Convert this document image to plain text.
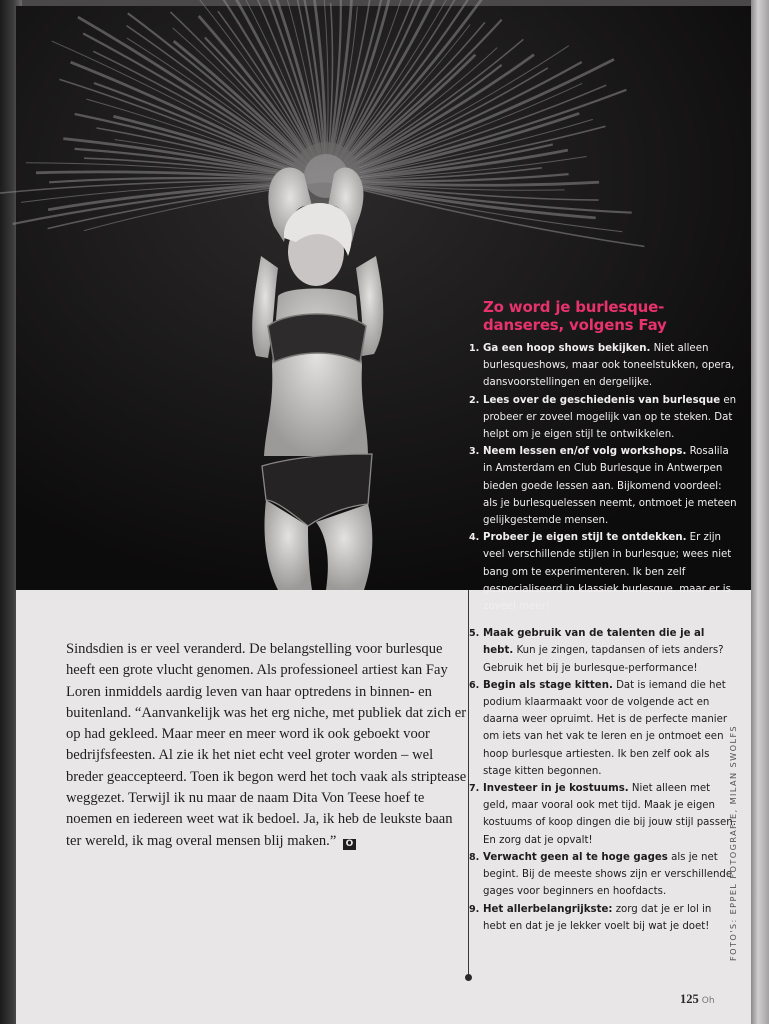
Zo word je burlesque-
danseres, volgens Fay
1. Ga een hoop shows bekijken. Niet alleen burlesqueshows, maar ook toneelstukken, opera, dansvoorstellingen en dergelijke.
2. Lees over de geschiedenis van burlesque en probeer er zoveel mogelijk van op te steken. Dat helpt om je eigen stijl te ontwikkelen.
3. Neem lessen en/of volg workshops. Rosalila in Amsterdam en Club Burlesque in Antwerpen bieden goede lessen aan. Bijkomend voordeel: als je burlesquelessen neemt, ontmoet je meteen gelijkgestemde mensen.
4. Probeer je eigen stijl te ontdekken. Er zijn veel verschillende stijlen in burlesque; wees niet bang om te experimenteren. Ik ben zelf gespecialiseerd in klassiek burlesque, maar er is zoveel meer!
5. Maak gebruik van de talenten die je al hebt. Kun je zingen, tapdansen of iets anders? Gebruik het bij je burlesque-performance!
6. Begin als stage kitten. Dat is iemand die het podium klaarmaakt voor de volgende act en daarna weer opruimt. Het is de perfecte manier om iets van het vak te leren en je ontmoet een hoop burlesque artiesten. Ik ben zelf ook als stage kitten begonnen.
7. Investeer in je kostuums. Niet alleen met geld, maar vooral ook met tijd. Maak je eigen kostuums of koop dingen die bij jouw stijl passen. En zorg dat je opvalt!
8. Verwacht geen al te hoge gages als je net begint. Bij de meeste shows zijn er verschillende gages voor beginners en hoofdacts.
9. Het allerbelangrijkste: zorg dat je er lol in hebt en dat je je lekker voelt bij wat je doet!
Sindsdien is er veel veranderd. De belangstelling voor burlesque heeft een grote vlucht genomen. Als professioneel artiest kan Fay Loren inmiddels aardig leven van haar optredens in binnen- en buitenland. “Aanvankelijk was het erg niche, met publiek dat zich er op had gekleed. Maar meer en meer word ik ook geboekt voor bedrijfsfeesten. Al zie ik het niet echt veel groter worden – wel breder geaccepteerd. Toen ik begon werd het toch vaak als striptease weggezet. Terwijl ik nu maar de naam Dita Von Teese hoef te noemen en iedereen weet wat ik bedoel. Ja, ik heb de leukste baan ter wereld, ik mag overal mensen blij maken.” O	FOTO'S: EPPEL FOTOGRAFIE, MILAN SWOLFS
125 Oh
